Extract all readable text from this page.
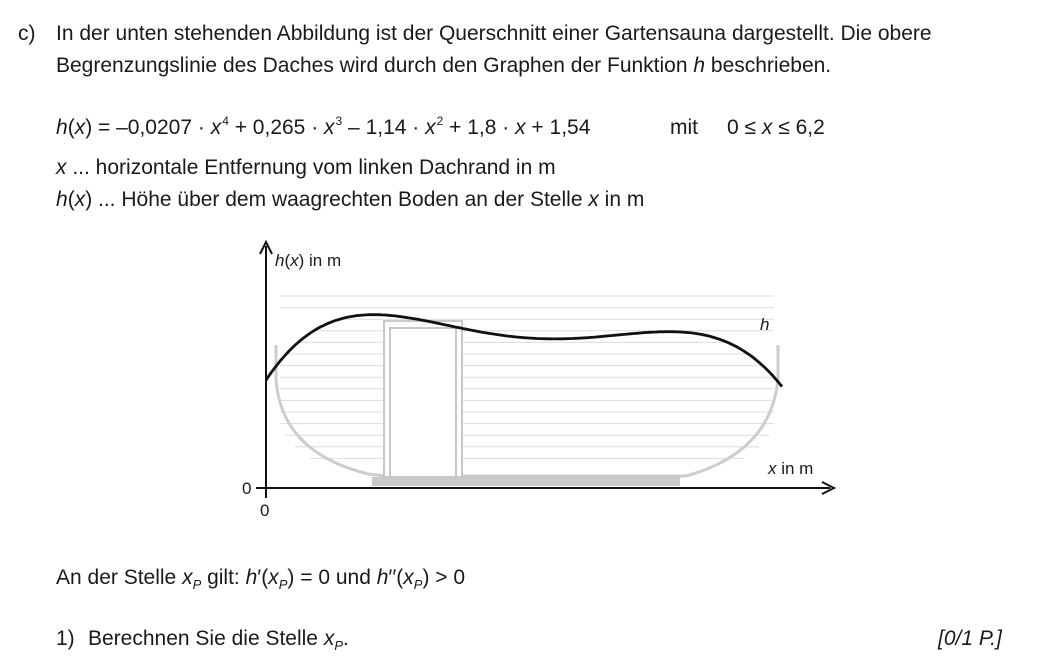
c) In der unten stehenden Abbildung ist der Querschnitt einer Gartensauna dargestellt. Die obere
Begrenzungslinie des Daches wird durch den Graphen der Funktion h beschrieben.
$h(x) = -0,0207 \cdot x^4 + 0,265 \cdot x^3 - 1,14 \cdot x^2 + 1,8 \cdot x + 1,54$	mit 0 ≤ x ≤ 6,2
x ... horizontale Entfernung vom linken Dachrand in m
h(x) ... Höhe über dem waagrechten Boden an der Stelle x in m
h(x) in m
x in m
h
0
0
An der Stelle $x_P$ gilt: $h'(x_P) = 0$ und $h''(x_P) > 0$
1) Berechnen Sie die Stelle $x_P$.	[0/1 P.]
